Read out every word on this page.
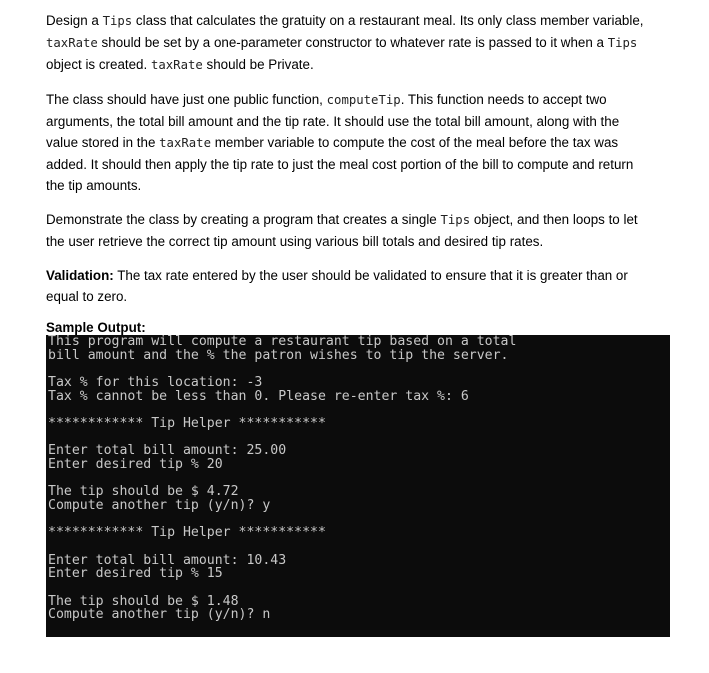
Design a Tips class that calculates the gratuity on a restaurant meal. Its only class member variable,

taxRate should be set by a one-parameter constructor to whatever rate is passed to it when a Tips

object is created. taxRate should be Private.

The class should have just one public function, computeTip. This function needs to accept two

arguments, the total bill amount and the tip rate. It should use the total bill amount, along with the

value stored in the taxRate member variable to compute the cost of the meal before the tax was

added. It should then apply the tip rate to just the meal cost portion of the bill to compute and return

the tip amounts.

Demonstrate the class by creating a program that creates a single Tips object, and then loops to let

the user retrieve the correct tip amount using various bill totals and desired tip rates.

Validation: The tax rate entered by the user should be validated to ensure that it is greater than or

equal to zero.

Sample Output:

This program will compute a restaurant tip based on a total
bill amount and the % the patron wishes to tip the server.
Tax % for this location: -3
Tax % cannot be less than 0. Please re-enter tax %: 6
************ Tip Helper ***********
Enter total bill amount: 25.00
Enter desired tip % 20
The tip should be $ 4.72
Compute another tip (y/n)? y
************ Tip Helper ***********
Enter total bill amount: 10.43
Enter desired tip % 15
The tip should be $ 1.48
Compute another tip (y/n)? n
